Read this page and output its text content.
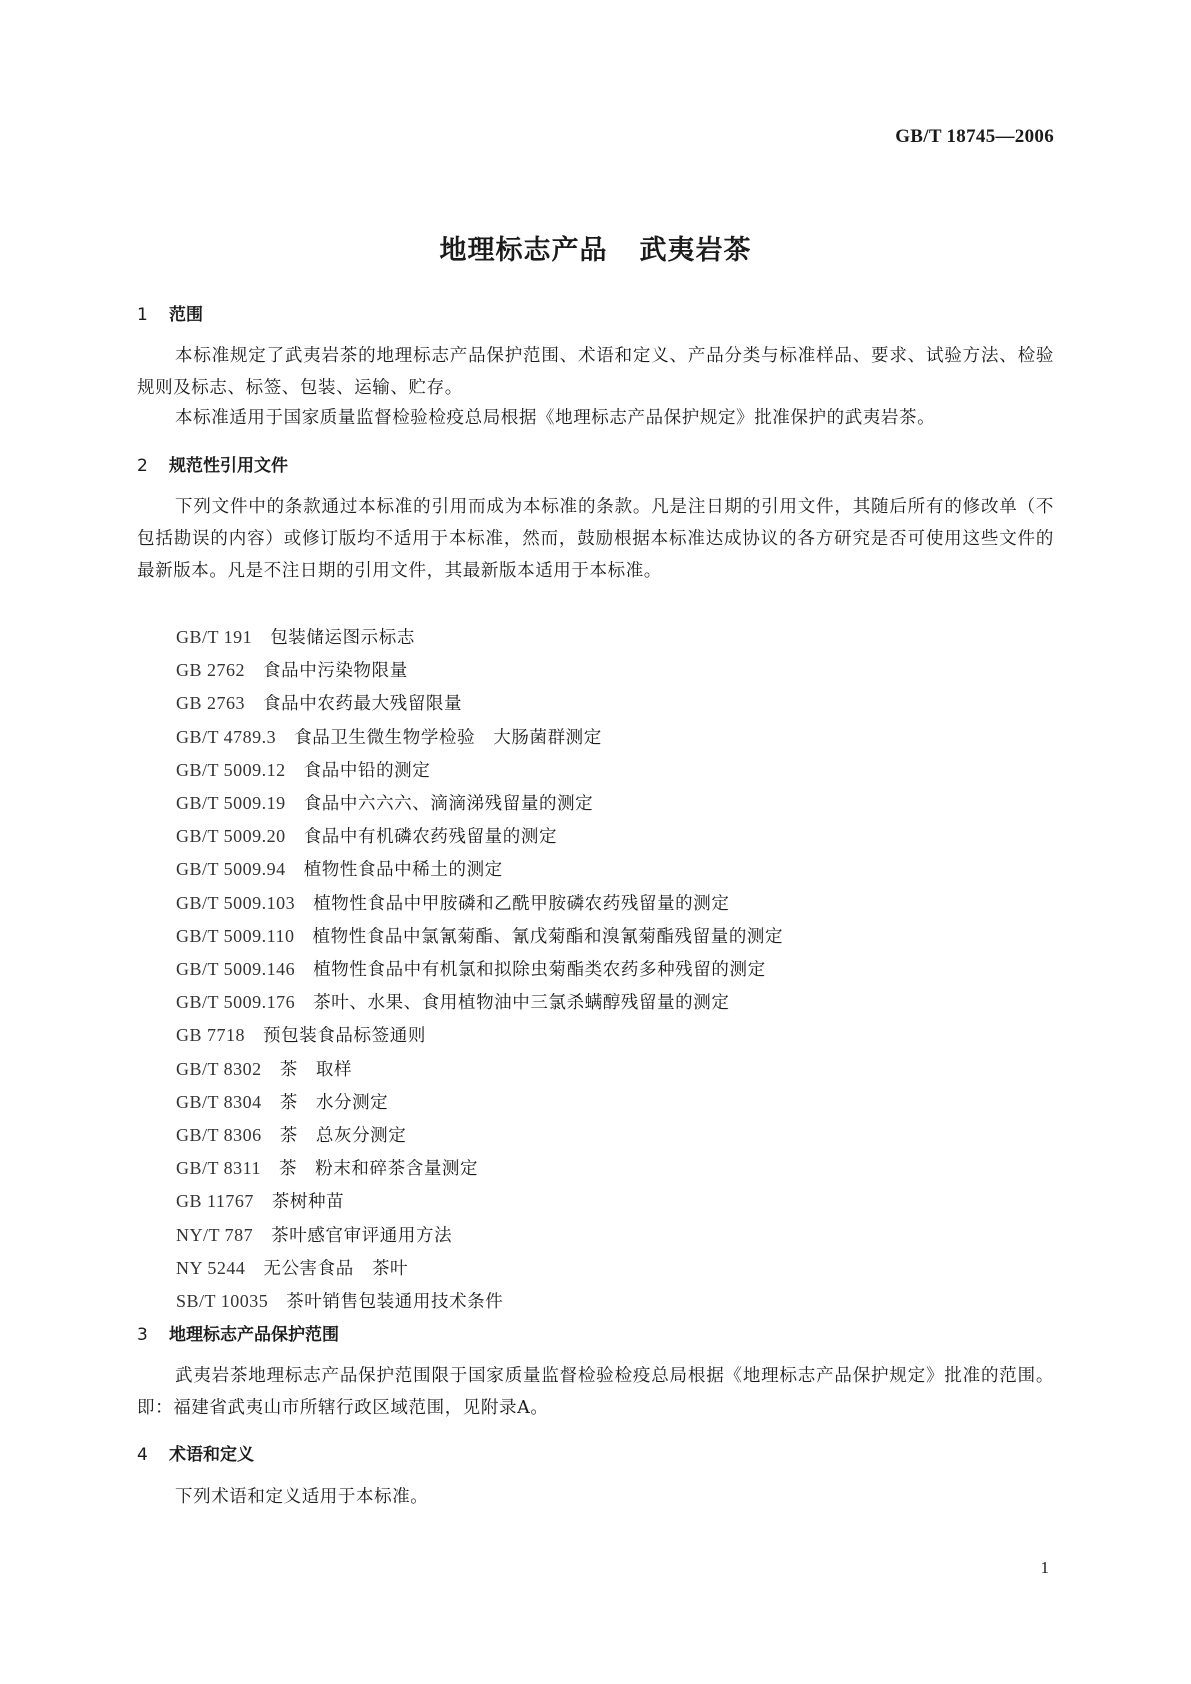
GB/T 18745—2006
地理标志产品 武夷岩茶
1 范围
本标准规定了武夷岩茶的地理标志产品保护范围、术语和定义、产品分类与标准样品、要求、试验方法、检验规则及标志、标签、包装、运输、贮存。
本标准适用于国家质量监督检验检疫总局根据《地理标志产品保护规定》批准保护的武夷岩茶。
2 规范性引用文件
下列文件中的条款通过本标准的引用而成为本标准的条款。凡是注日期的引用文件，其随后所有的修改单（不包括勘误的内容）或修订版均不适用于本标准，然而，鼓励根据本标准达成协议的各方研究是否可使用这些文件的最新版本。凡是不注日期的引用文件，其最新版本适用于本标准。
GB/T 191 包装储运图示标志
GB 2762 食品中污染物限量
GB 2763 食品中农药最大残留限量
GB/T 4789.3 食品卫生微生物学检验　大肠菌群测定
GB/T 5009.12 食品中铅的测定
GB/T 5009.19 食品中六六六、滴滴涕残留量的测定
GB/T 5009.20 食品中有机磷农药残留量的测定
GB/T 5009.94 植物性食品中稀土的测定
GB/T 5009.103 植物性食品中甲胺磷和乙酰甲胺磷农药残留量的测定
GB/T 5009.110 植物性食品中氯氰菊酯、氰戊菊酯和溴氰菊酯残留量的测定
GB/T 5009.146 植物性食品中有机氯和拟除虫菊酯类农药多种残留的测定
GB/T 5009.176 茶叶、水果、食用植物油中三氯杀螨醇残留量的测定
GB 7718 预包装食品标签通则
GB/T 8302 茶　取样
GB/T 8304 茶　水分测定
GB/T 8306 茶　总灰分测定
GB/T 8311 茶　粉末和碎茶含量测定
GB 11767 茶树种苗
NY/T 787 茶叶感官审评通用方法
NY 5244 无公害食品　茶叶
SB/T 10035 茶叶销售包装通用技术条件
3 地理标志产品保护范围
武夷岩茶地理标志产品保护范围限于国家质量监督检验检疫总局根据《地理标志产品保护规定》批准的范围。即：福建省武夷山市所辖行政区域范围，见附录A。
4 术语和定义
下列术语和定义适用于本标准。
1
